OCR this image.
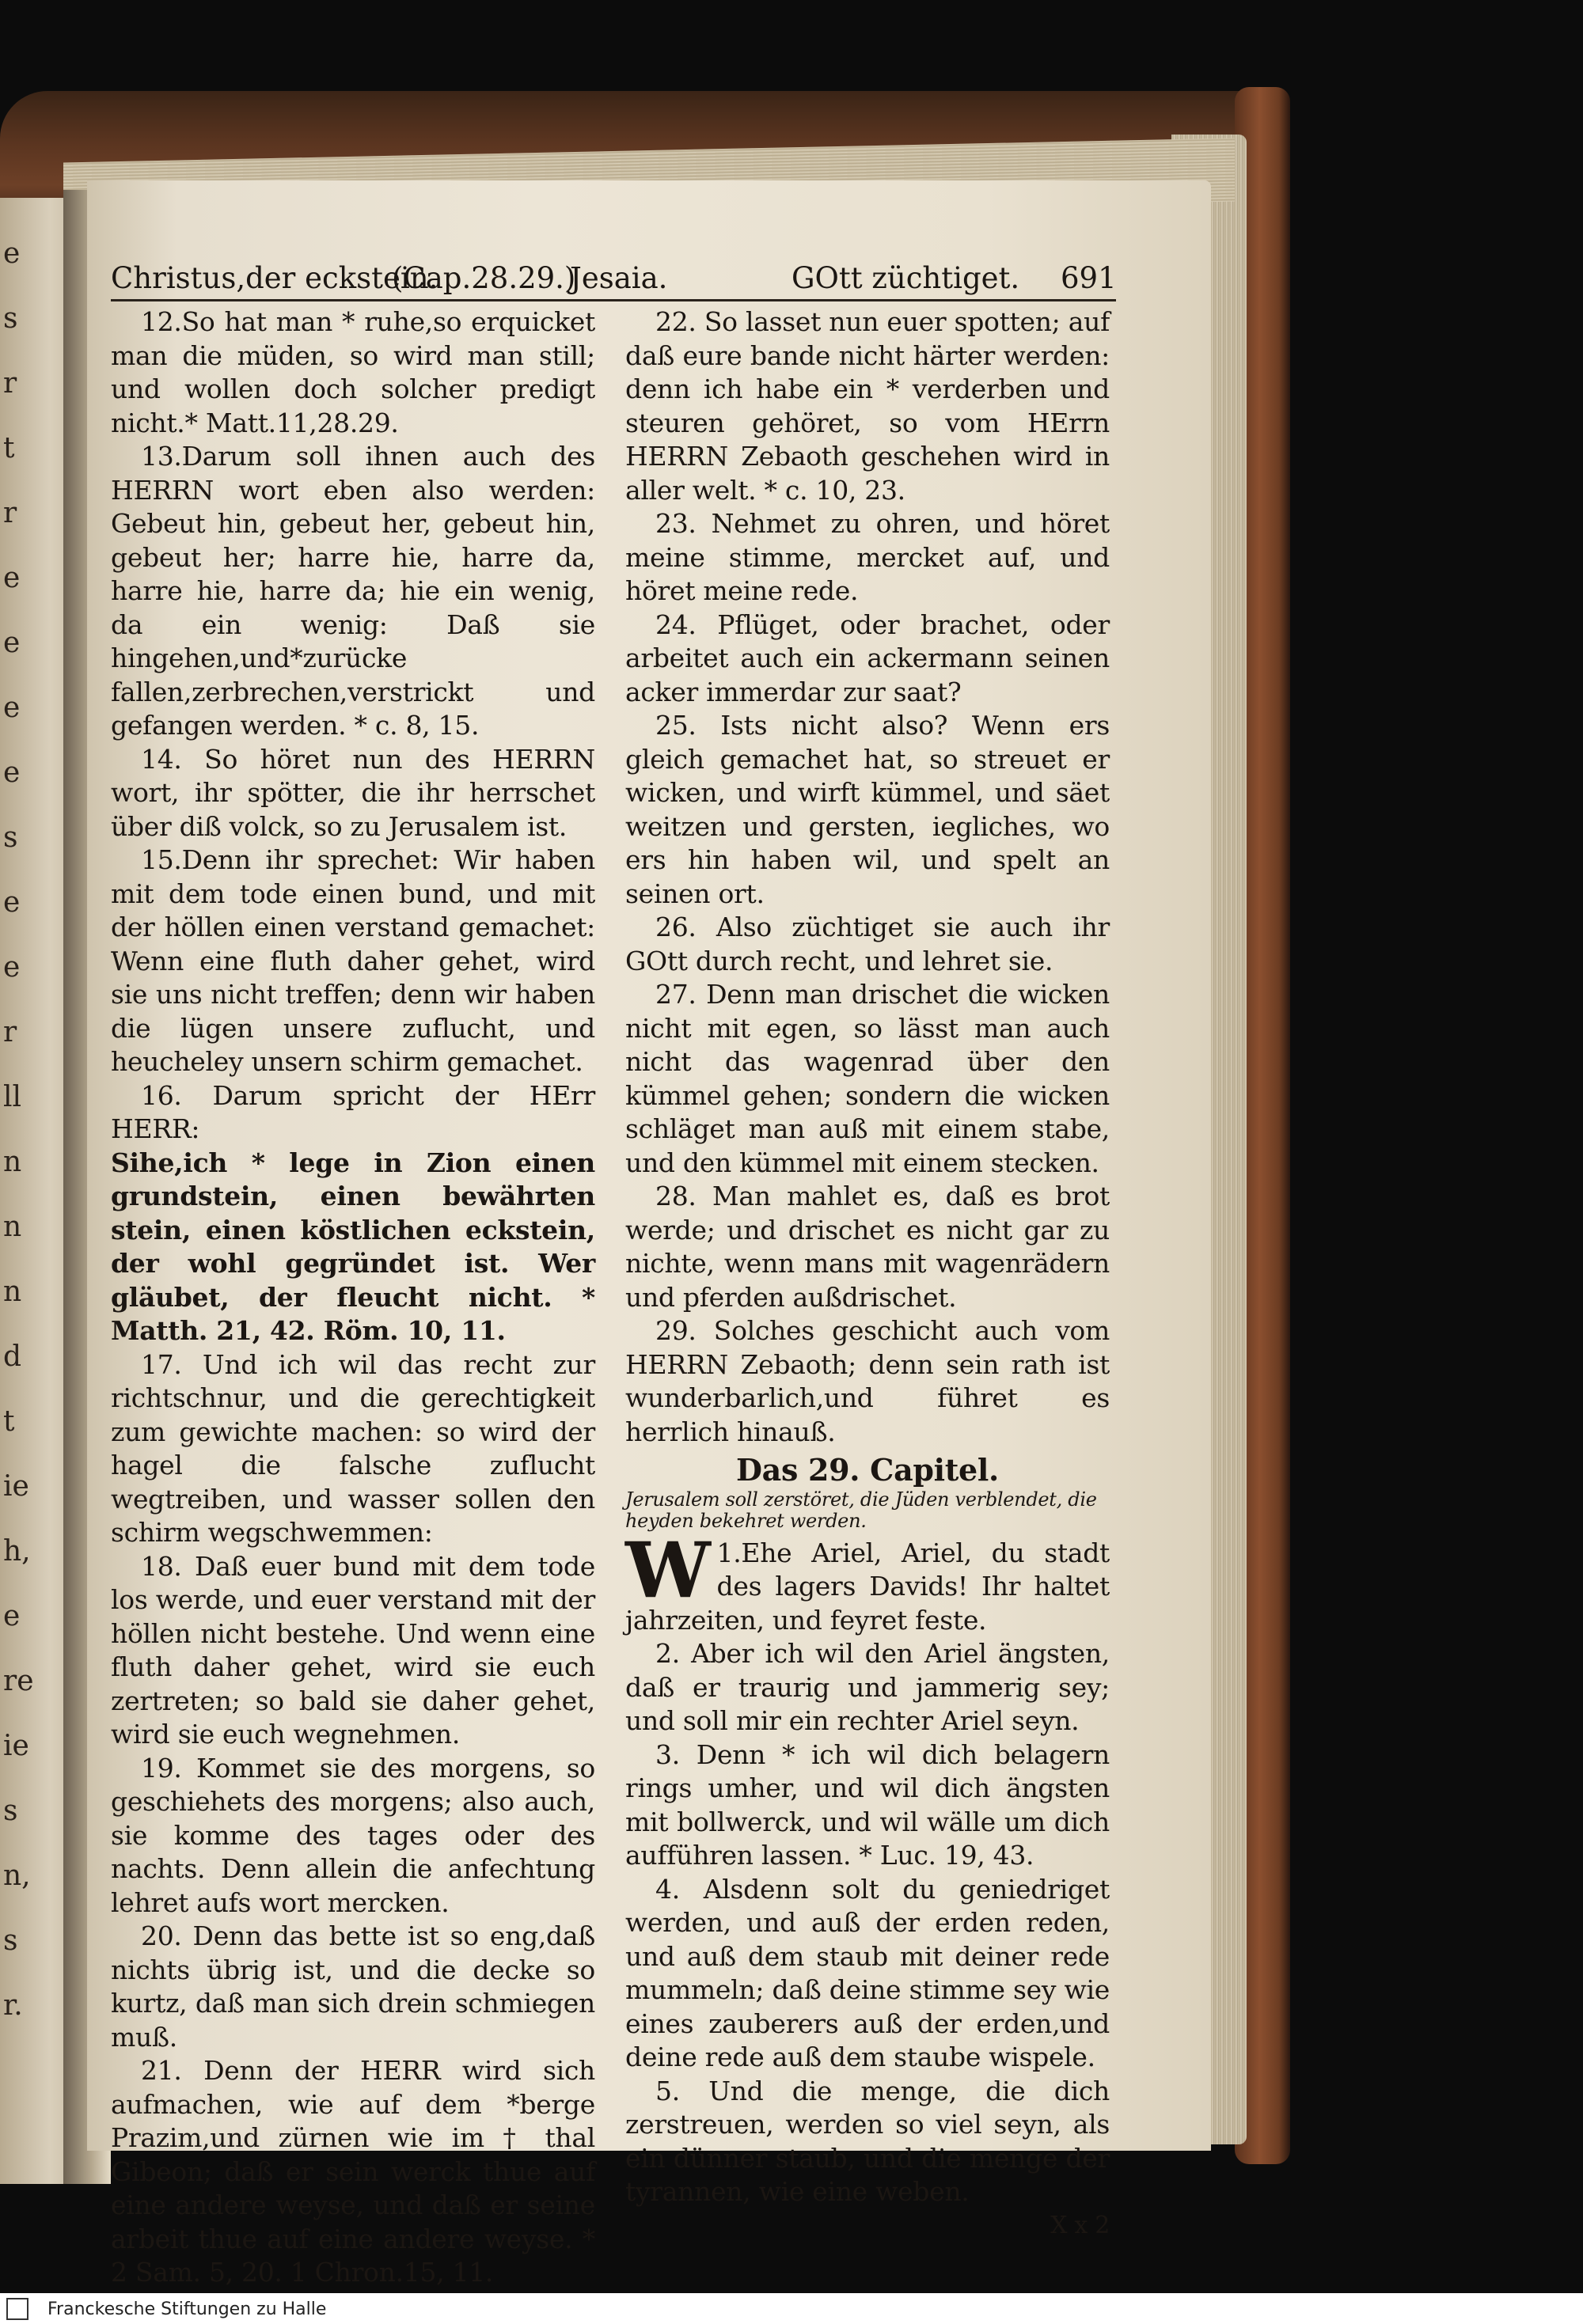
e
s
r
t
r
e
e
e
e
s
e
e
r
ll
n
n
n
d
t
ie
h,
e
re
ie
s
n,
s
r.
Christus,der eckstein.
(Cap.28.29.)
Jesaia.	GOtt züchtiget. 691

12.So hat man * ruhe,so erquicket man die müden, so wird man still; und wollen doch solcher predigt nicht.* Matt.11,28.29.

13.Darum soll ihnen auch des HERRN wort eben also werden: Gebeut hin, gebeut her, gebeut hin, gebeut her; harre hie, harre da, harre hie, harre da; hie ein wenig, da ein wenig: Daß sie hingehen,und*zurücke fallen,zerbrechen,verstrickt und gefangen werden. * c. 8, 15.

14. So höret nun des HERRN wort, ihr spötter, die ihr herrschet über diß volck, so zu Jerusalem ist.

15.Denn ihr sprechet: Wir haben mit dem tode einen bund, und mit der höllen einen verstand gemachet: Wenn eine fluth daher gehet, wird sie uns nicht treffen; denn wir haben die lügen unsere zuflucht, und heucheley unsern schirm gemachet.

16. Darum spricht der HErr HERR:

Sihe,ich * lege in Zion einen grundstein, einen bewährten stein, einen köstlichen eckstein, der wohl gegründet ist. Wer gläubet, der fleucht nicht. * Matth. 21, 42. Röm. 10, 11.

17. Und ich wil das recht zur richtschnur, und die gerechtigkeit zum gewichte machen: so wird der hagel die falsche zuflucht wegtreiben, und wasser sollen den schirm wegschwemmen:

18. Daß euer bund mit dem tode los werde, und euer verstand mit der höllen nicht bestehe. Und wenn eine fluth daher gehet, wird sie euch zertreten; so bald sie daher gehet, wird sie euch wegnehmen.

19. Kommet sie des morgens, so geschiehets des morgens; also auch, sie komme des tages oder des nachts. Denn allein die anfechtung lehret aufs wort mercken.

20. Denn das bette ist so eng,daß nichts übrig ist, und die decke so kurtz, daß man sich drein schmiegen muß.

21. Denn der HERR wird sich aufmachen, wie auf dem *berge Prazim,und zürnen wie im † thal Gibeon; daß er sein werck thue auf eine andere weyse, und daß er seine arbeit thue auf eine andere weyse. * 2 Sam. 5, 20. 1 Chron.15, 11.

22. So lasset nun euer spotten; auf daß eure bande nicht härter werden: denn ich habe ein * verderben und steuren gehöret, so vom HErrn HERRN Zebaoth geschehen wird in aller welt. * c. 10, 23.

23. Nehmet zu ohren, und höret meine stimme, mercket auf, und höret meine rede.

24. Pflüget, oder brachet, oder arbeitet auch ein ackermann seinen acker immerdar zur saat?

25. Ists nicht also? Wenn ers gleich gemachet hat, so streuet er wicken, und wirft kümmel, und säet weitzen und gersten, iegliches, wo ers hin haben wil, und spelt an seinen ort.

26. Also züchtiget sie auch ihr GOtt durch recht, und lehret sie.

27. Denn man drischet die wicken nicht mit egen, so lässt man auch nicht das wagenrad über den kümmel gehen; sondern die wicken schläget man auß mit einem stabe, und den kümmel mit einem stecken.

28. Man mahlet es, daß es brot werde; und drischet es nicht gar zu nichte, wenn mans mit wagenrädern und pferden außdrischet.

29. Solches geschicht auch vom HERRN Zebaoth; denn sein rath ist wunderbarlich,und führet es herrlich hinauß.

Das 29. Capitel.
Jerusalem soll zerstöret, die Jüden verblendet, die heyden bekehret werden.

1.
W Ehe Ariel, Ariel, du stadt des lagers Davids! Ihr haltet jahrzeiten, und feyret feste.

2. Aber ich wil den Ariel ängsten, daß er traurig und jammerig sey; und soll mir ein rechter Ariel seyn.

3. Denn * ich wil dich belagern rings umher, und wil dich ängsten mit bollwerck, und wil wälle um dich aufführen lassen. * Luc. 19, 43.

4. Alsdenn solt du geniedriget werden, und auß der erden reden, und auß dem staub mit deiner rede mummeln; daß deine stimme sey wie eines zauberers auß der erden,und deine rede auß dem staube wispele.

5. Und die menge, die dich zerstreuen, werden so viel seyn, als ein dünner staub, und die menge der tyrannen, wie eine weben.

X x 2
Franckesche Stiftungen zu Halle
